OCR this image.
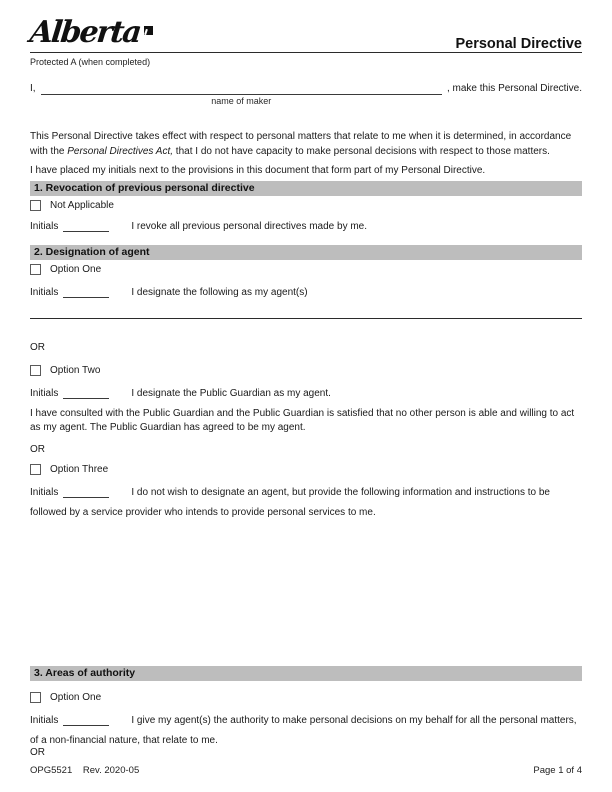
Alberta	Personal Directive
Protected A (when completed)
I,
name of maker
, make this Personal Directive.

This Personal Directive takes effect with respect to personal matters that relate to me when it is determined, in accordance with the Personal Directives Act, that I do not have capacity to make personal decisions with respect to those matters.

I have placed my initials next to the provisions in this document that form part of my Personal Directive.

1. Revocation of previous personal directive
Not Applicable

Initials	I revoke all previous personal directives made by me.

2. Designation of agent
Option One

Initials	I designate the following as my agent(s)

OR

Option Two

Initials	I designate the Public Guardian as my agent.

I have consulted with the Public Guardian and the Public Guardian is satisfied that no other person is able and willing to act as my agent. The Public Guardian has agreed to be my agent.

OR

Option Three

Initials	I do not wish to designate an agent, but provide the following information and instructions to be followed by a service provider who intends to provide personal services to me.

3. Areas of authority
Option One

Initials	I give my agent(s) the authority to make personal decisions on my behalf for all the personal matters, of a non-financial nature, that relate to me.

OR

OPG5521 Rev. 2020-05	Page 1 of 4
